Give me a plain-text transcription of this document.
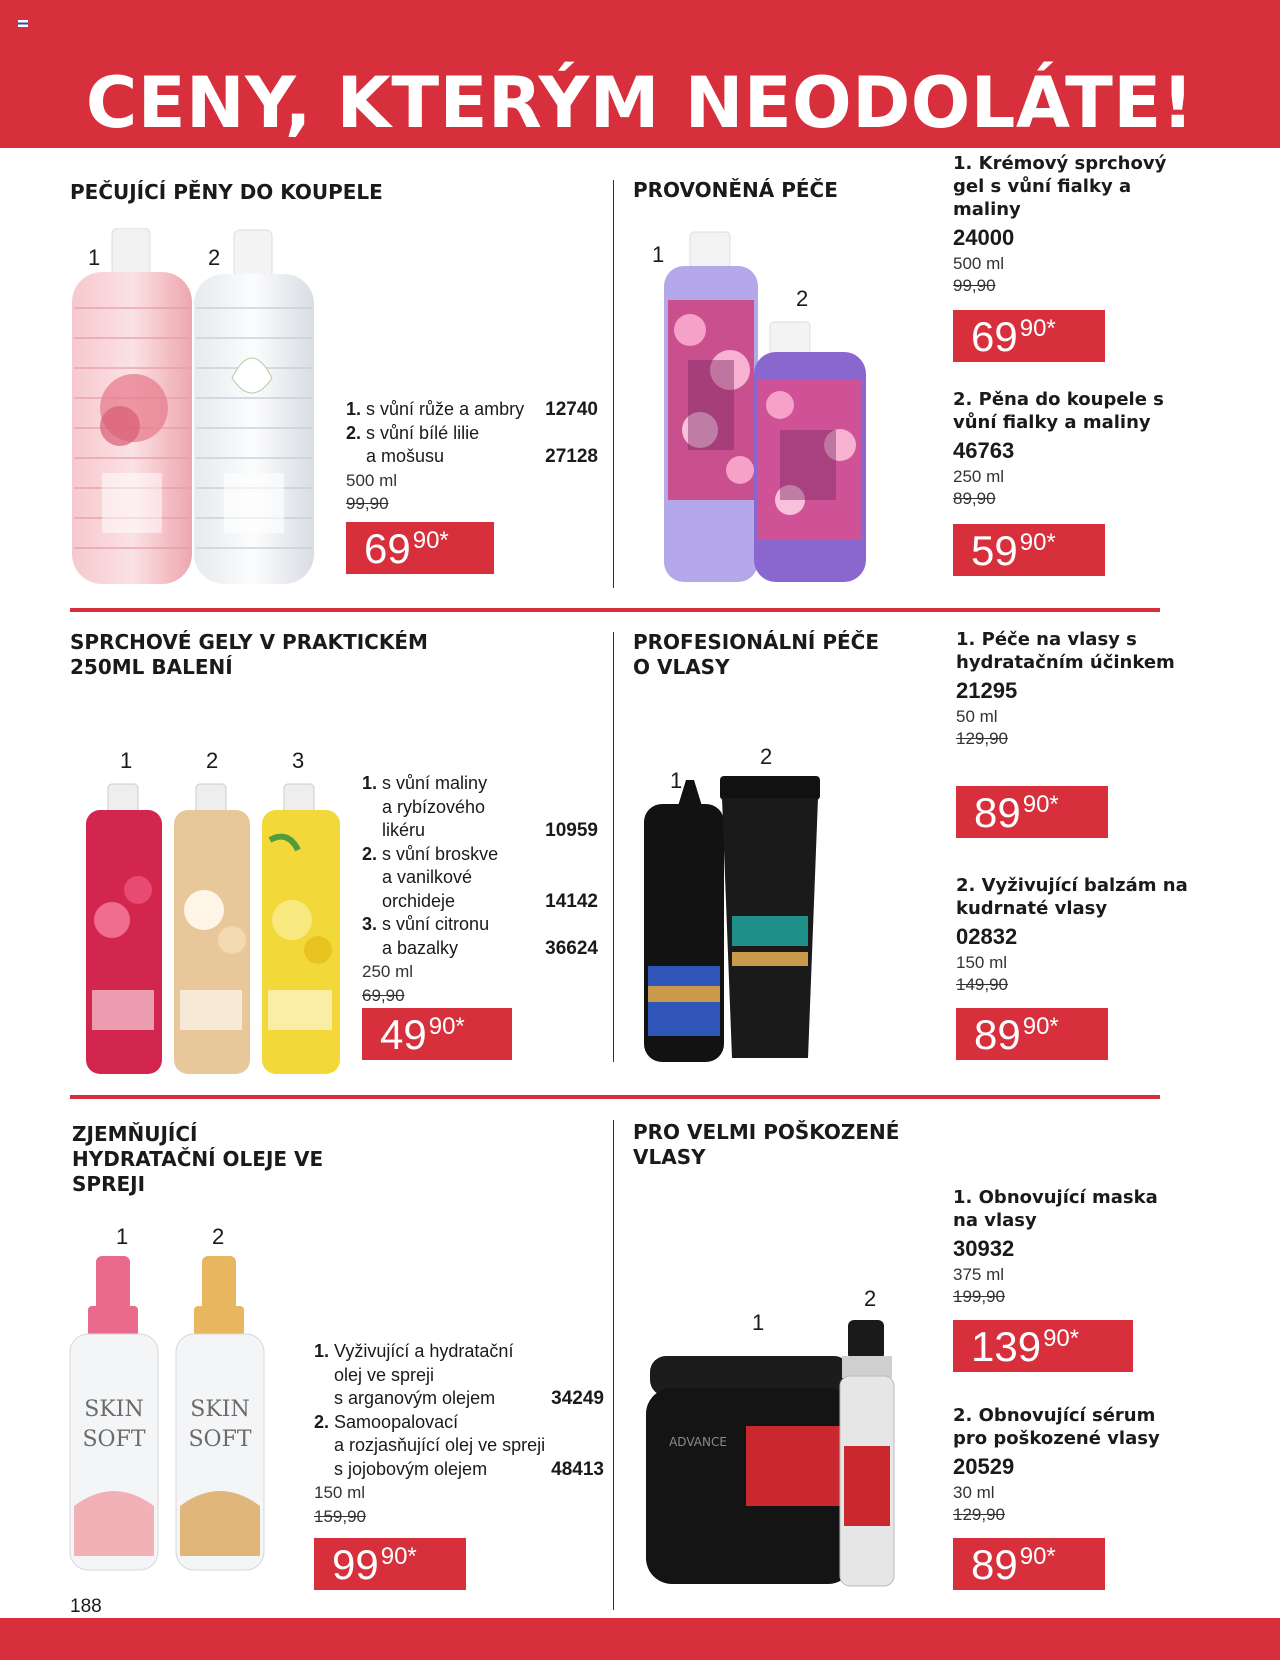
CENY, KTERÝM NEODOLÁTE!
PEČUJÍCÍ PĚNY DO KOUPELE
1	2
1. s vůní růže a ambry 12740
2. s vůní bílé lilie
a mošusu	27128
500 ml
99,90
69 90*
PROVONĚNÁ PÉČE
1
2
1. Krémový sprchový gel s vůní fialky a maliny
24000
500 ml
99,90
69 90*
2. Pěna do koupele s vůní fialky a maliny
46763
250 ml
89,90
59 90*
SPRCHOVÉ GELY V PRAKTICKÉM 250ML BALENÍ
1	2	3
1. s vůní maliny
a rybízového
likéru	10959
2. s vůní broskve
a vanilkové
orchideje	14142
3. s vůní citronu
a bazalky	36624
250 ml
69,90
49 90*
PROFESIONÁLNÍ PÉČE O VLASY
1
2
1. Péče na vlasy s hydratačním účinkem
21295
50 ml
129,90
89 90*
2. Vyživující balzám na kudrnaté vlasy
02832
150 ml
149,90
89 90*
ZJEMŇUJÍCÍ HYDRATAČNÍ OLEJE VE SPREJI
1	2
SKIN
SOFT
SKIN
SOFT
1. Vyživující a hydratační
olej ve spreji
s arganovým olejem	34249
2. Samoopalovací
a rozjasňující olej ve spreji
s jojobovým olejem	48413
150 ml
159,90
99 90*
PRO VELMI POŠKOZENÉ VLASY
1
2
ADVANCE
1. Obnovující maska na vlasy
30932
375 ml
199,90
139 90*
2. Obnovující sérum pro poškozené vlasy
20529
30 ml
129,90
89 90*
188
